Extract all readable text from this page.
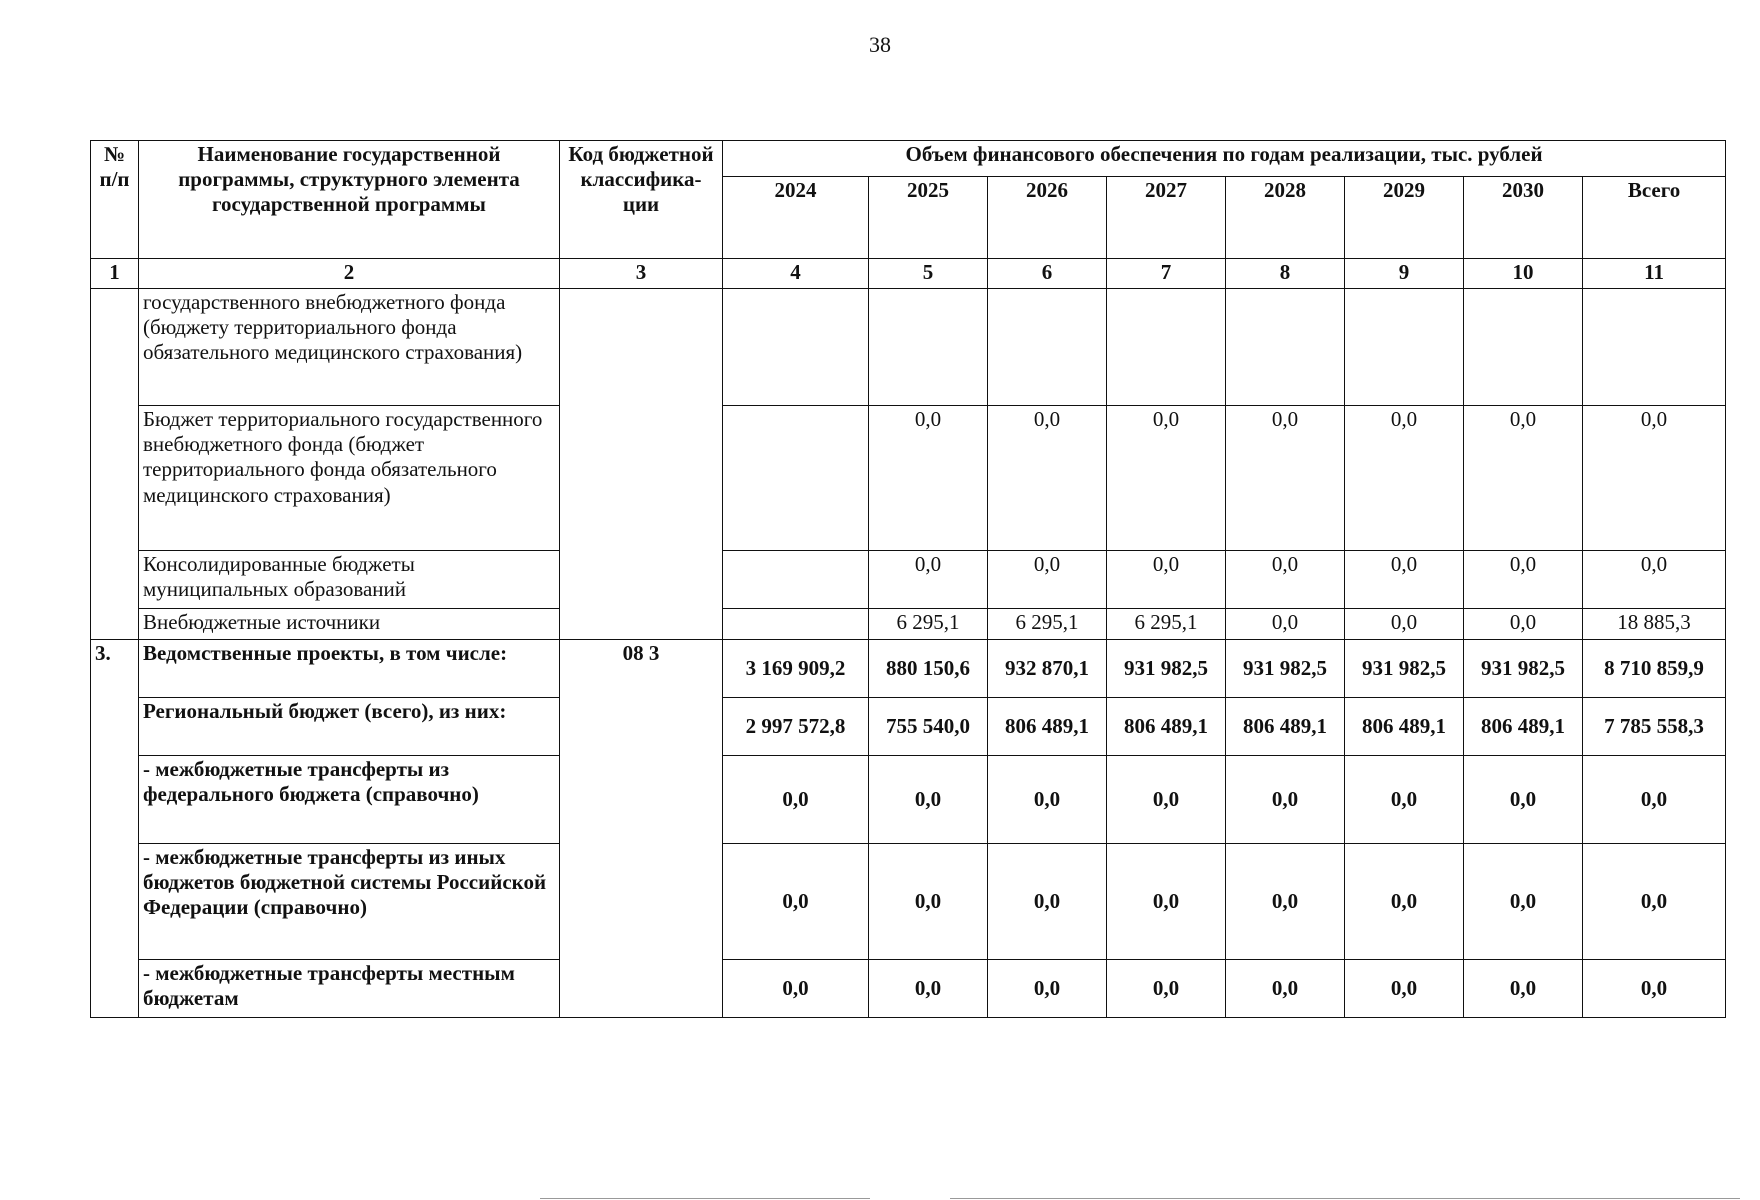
38
№ п/п	Наименование государственной программы, структурного элемента государственной программы	Код бюджетной классифика-ции	Объем финансового обеспечения по годам реализации, тыс. рублей							
			2024	2025	2026	2027	2028	2029	2030	Всего
1	2	3	4	5	6	7	8	9	10	11
	государственного внебюджетного фонда (бюджету территориального фонда обязательного медицинского страхования)									
	Бюджет территориального государственного внебюджетного фонда (бюджет территориального фонда обязательного медицинского страхования)			0,0	0,0	0,0	0,0	0,0	0,0	0,0
	Консолидированные бюджеты муниципальных образований			0,0	0,0	0,0	0,0	0,0	0,0	0,0
	Внебюджетные источники			6 295,1	6 295,1	6 295,1	0,0	0,0	0,0	18 885,3
3.	Ведомственные проекты, в том числе:	08 3	3 169 909,2	880 150,6	932 870,1	931 982,5	931 982,5	931 982,5	931 982,5	8 710 859,9
	Региональный бюджет (всего), из них:		2 997 572,8	755 540,0	806 489,1	806 489,1	806 489,1	806 489,1	806 489,1	7 785 558,3
	- межбюджетные трансферты из федерального бюджета (справочно)		0,0	0,0	0,0	0,0	0,0	0,0	0,0	0,0
	- межбюджетные трансферты из иных бюджетов бюджетной системы Российской Федерации (справочно)		0,0	0,0	0,0	0,0	0,0	0,0	0,0	0,0
	- межбюджетные трансферты местным бюджетам		0,0	0,0	0,0	0,0	0,0	0,0	0,0	0,0
